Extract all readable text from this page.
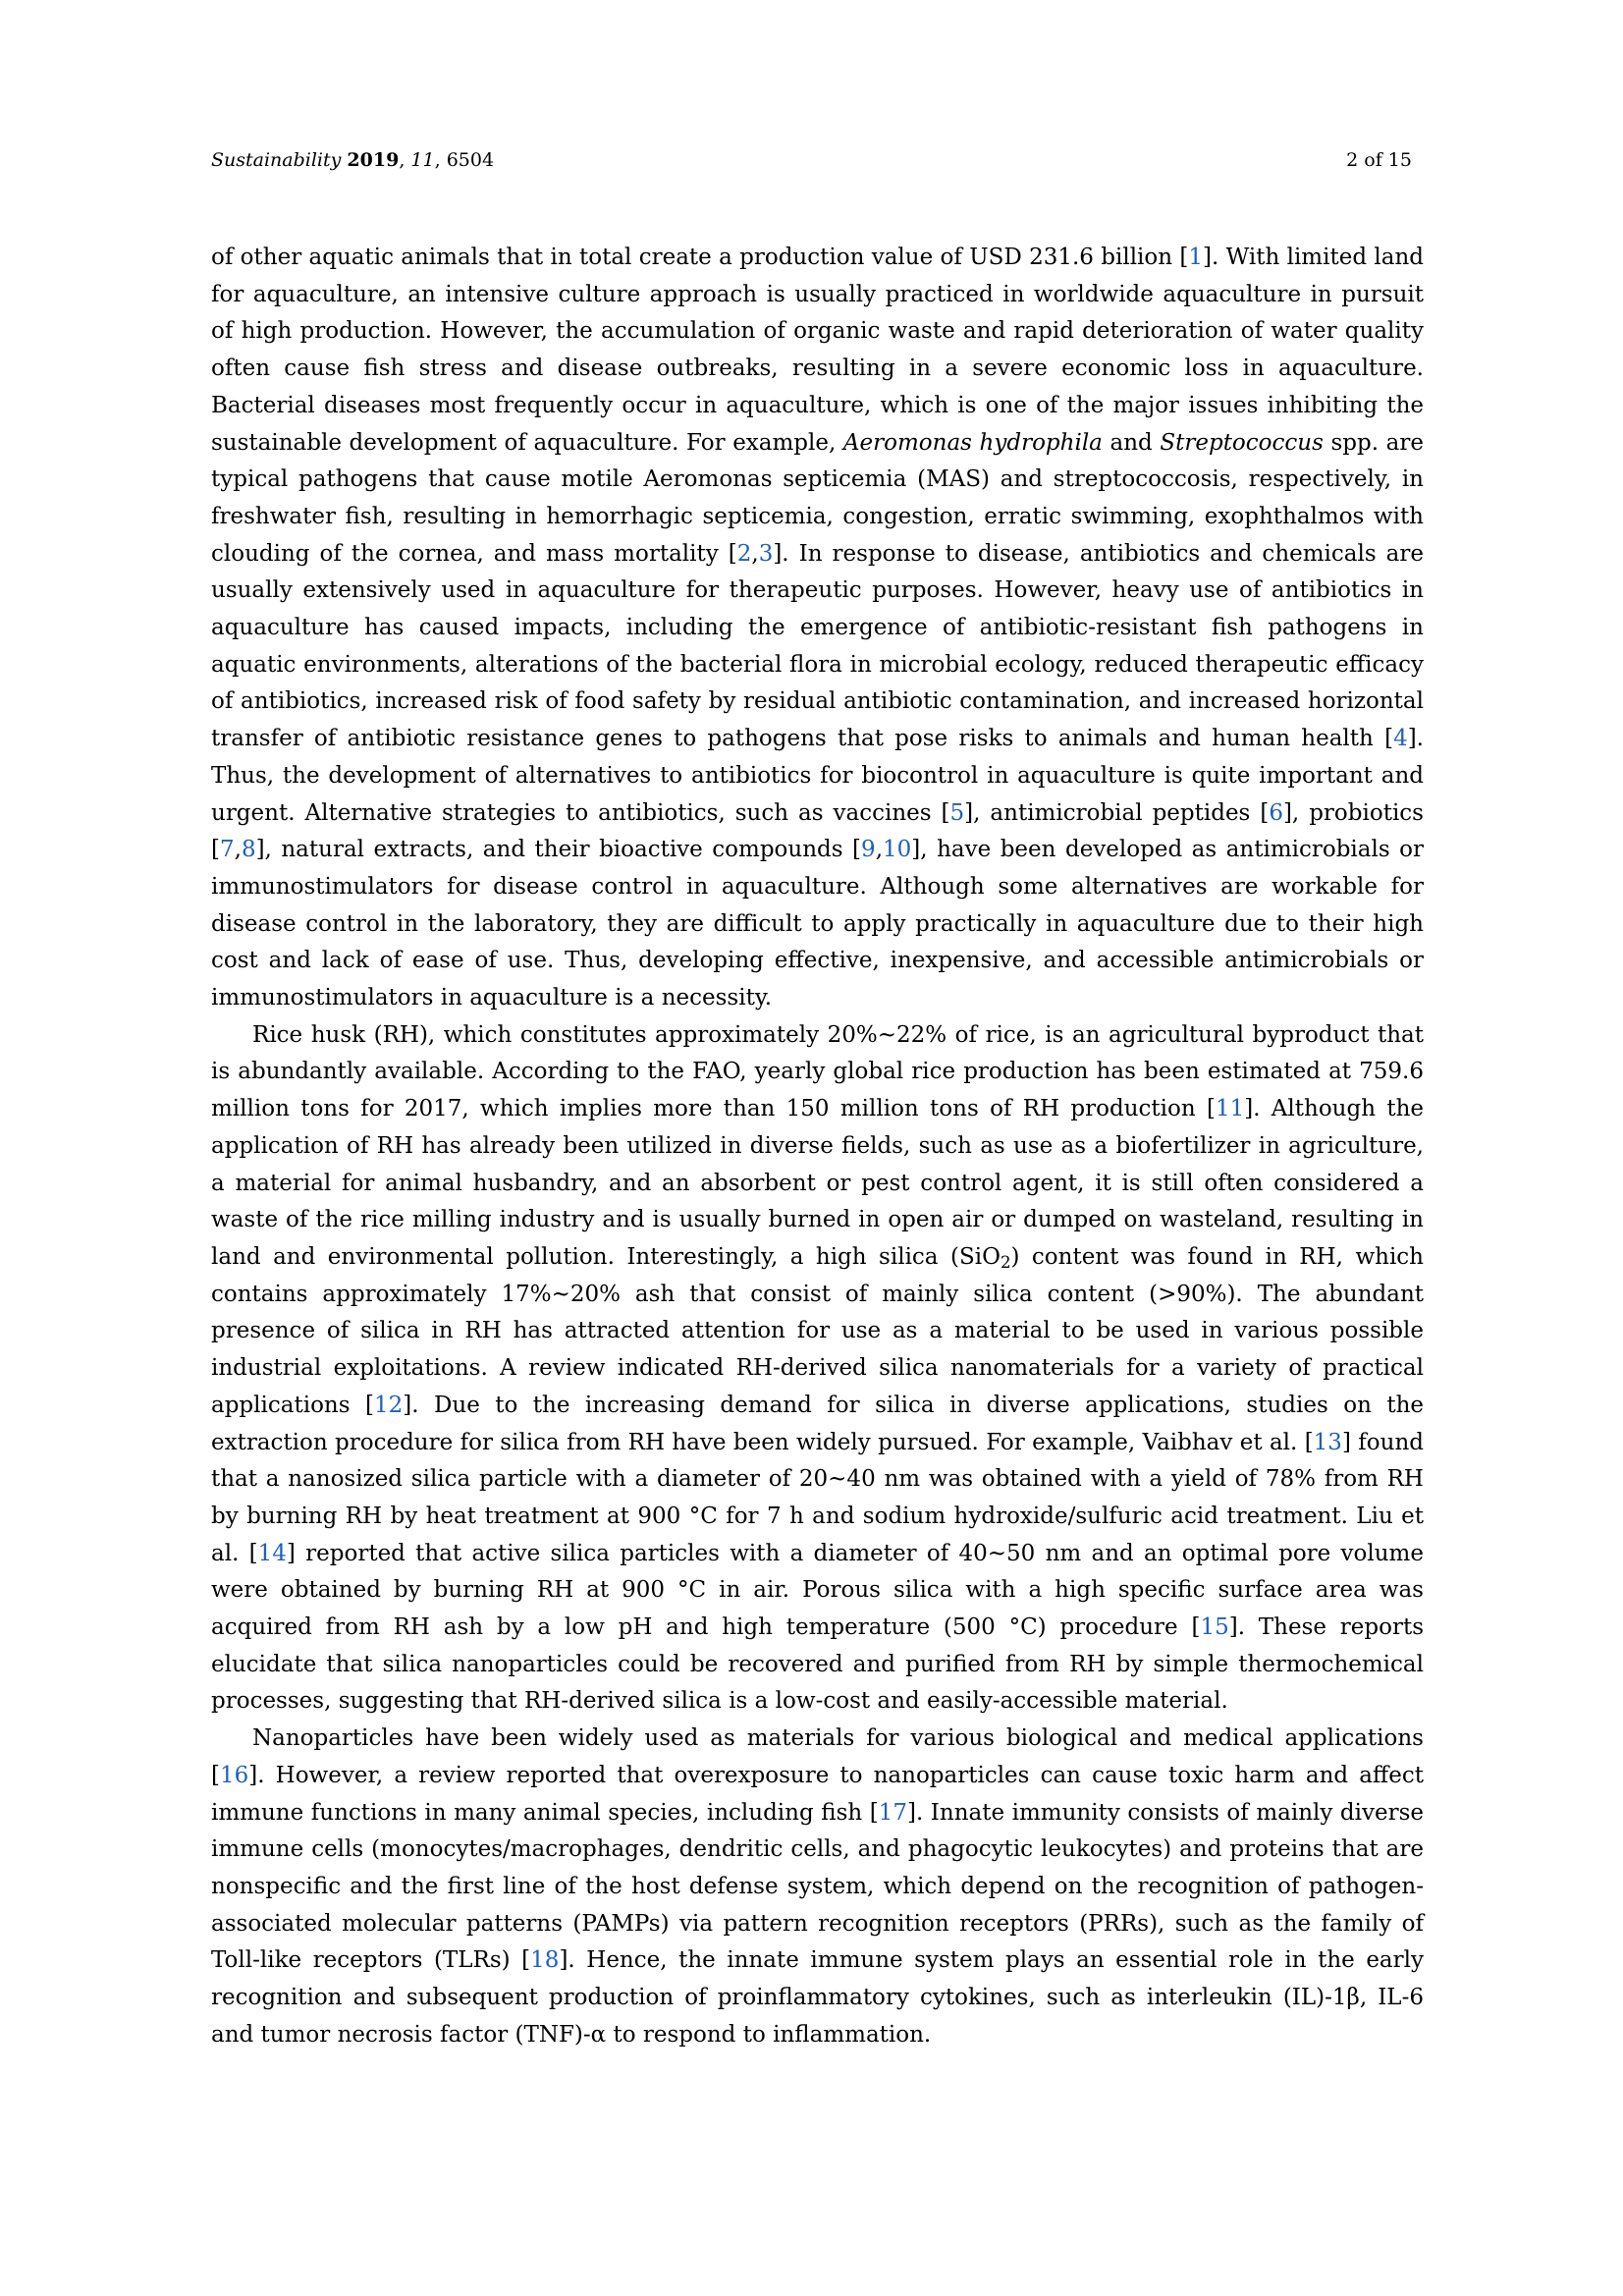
Sustainability 2019, 11, 6504	2 of 15

of other aquatic animals that in total create a production value of USD 231.6 billion [1]. With limited land for aquaculture, an intensive culture approach is usually practiced in worldwide aquaculture in pursuit of high production. However, the accumulation of organic waste and rapid deterioration of water quality often cause fish stress and disease outbreaks, resulting in a severe economic loss in aquaculture. Bacterial diseases most frequently occur in aquaculture, which is one of the major issues inhibiting the sustainable development of aquaculture. For example, Aeromonas hydrophila and Streptococcus spp. are typical pathogens that cause motile Aeromonas septicemia (MAS) and streptococcosis, respectively, in freshwater fish, resulting in hemorrhagic septicemia, congestion, erratic swimming, exophthalmos with clouding of the cornea, and mass mortality [2,3]. In response to disease, antibiotics and chemicals are usually extensively used in aquaculture for therapeutic purposes. However, heavy use of antibiotics in aquaculture has caused impacts, including the emergence of antibiotic-resistant fish pathogens in aquatic environments, alterations of the bacterial flora in microbial ecology, reduced therapeutic efficacy of antibiotics, increased risk of food safety by residual antibiotic contamination, and increased horizontal transfer of antibiotic resistance genes to pathogens that pose risks to animals and human health [4]. Thus, the development of alternatives to antibiotics for biocontrol in aquaculture is quite important and urgent. Alternative strategies to antibiotics, such as vaccines [5], antimicrobial peptides [6], probiotics [7,8], natural extracts, and their bioactive compounds [9,10], have been developed as antimicrobials or immunostimulators for disease control in aquaculture. Although some alternatives are workable for disease control in the laboratory, they are difficult to apply practically in aquaculture due to their high cost and lack of ease of use. Thus, developing effective, inexpensive, and accessible antimicrobials or immunostimulators in aquaculture is a necessity.

Rice husk (RH), which constitutes approximately 20%~22% of rice, is an agricultural byproduct that is abundantly available. According to the FAO, yearly global rice production has been estimated at 759.6 million tons for 2017, which implies more than 150 million tons of RH production [11]. Although the application of RH has already been utilized in diverse fields, such as use as a biofertilizer in agriculture, a material for animal husbandry, and an absorbent or pest control agent, it is still often considered a waste of the rice milling industry and is usually burned in open air or dumped on wasteland, resulting in land and environmental pollution. Interestingly, a high silica (SiO$_2$) content was found in RH, which contains approximately 17%~20% ash that consist of mainly silica content (>90%). The abundant presence of silica in RH has attracted attention for use as a material to be used in various possible industrial exploitations. A review indicated RH-derived silica nanomaterials for a variety of practical applications [12]. Due to the increasing demand for silica in diverse applications, studies on the extraction procedure for silica from RH have been widely pursued. For example, Vaibhav et al. [13] found that a nanosized silica particle with a diameter of 20~40 nm was obtained with a yield of 78% from RH by burning RH by heat treatment at 900 °C for 7 h and sodium hydroxide/sulfuric acid treatment. Liu et al. [14] reported that active silica particles with a diameter of 40~50 nm and an optimal pore volume were obtained by burning RH at 900 °C in air. Porous silica with a high specific surface area was acquired from RH ash by a low pH and high temperature (500 °C) procedure [15]. These reports elucidate that silica nanoparticles could be recovered and purified from RH by simple thermochemical processes, suggesting that RH-derived silica is a low-cost and easily-accessible material.

Nanoparticles have been widely used as materials for various biological and medical applications [16]. However, a review reported that overexposure to nanoparticles can cause toxic harm and affect immune functions in many animal species, including fish [17]. Innate immunity consists of mainly diverse immune cells (monocytes/macrophages, dendritic cells, and phagocytic leukocytes) and proteins that are nonspecific and the first line of the host defense system, which depend on the recognition of pathogen-associated molecular patterns (PAMPs) via pattern recognition receptors (PRRs), such as the family of Toll-like receptors (TLRs) [18]. Hence, the innate immune system plays an essential role in the early recognition and subsequent production of proinflammatory cytokines, such as interleukin (IL)-1β, IL-6 and tumor necrosis factor (TNF)-α to respond to inflammation.
